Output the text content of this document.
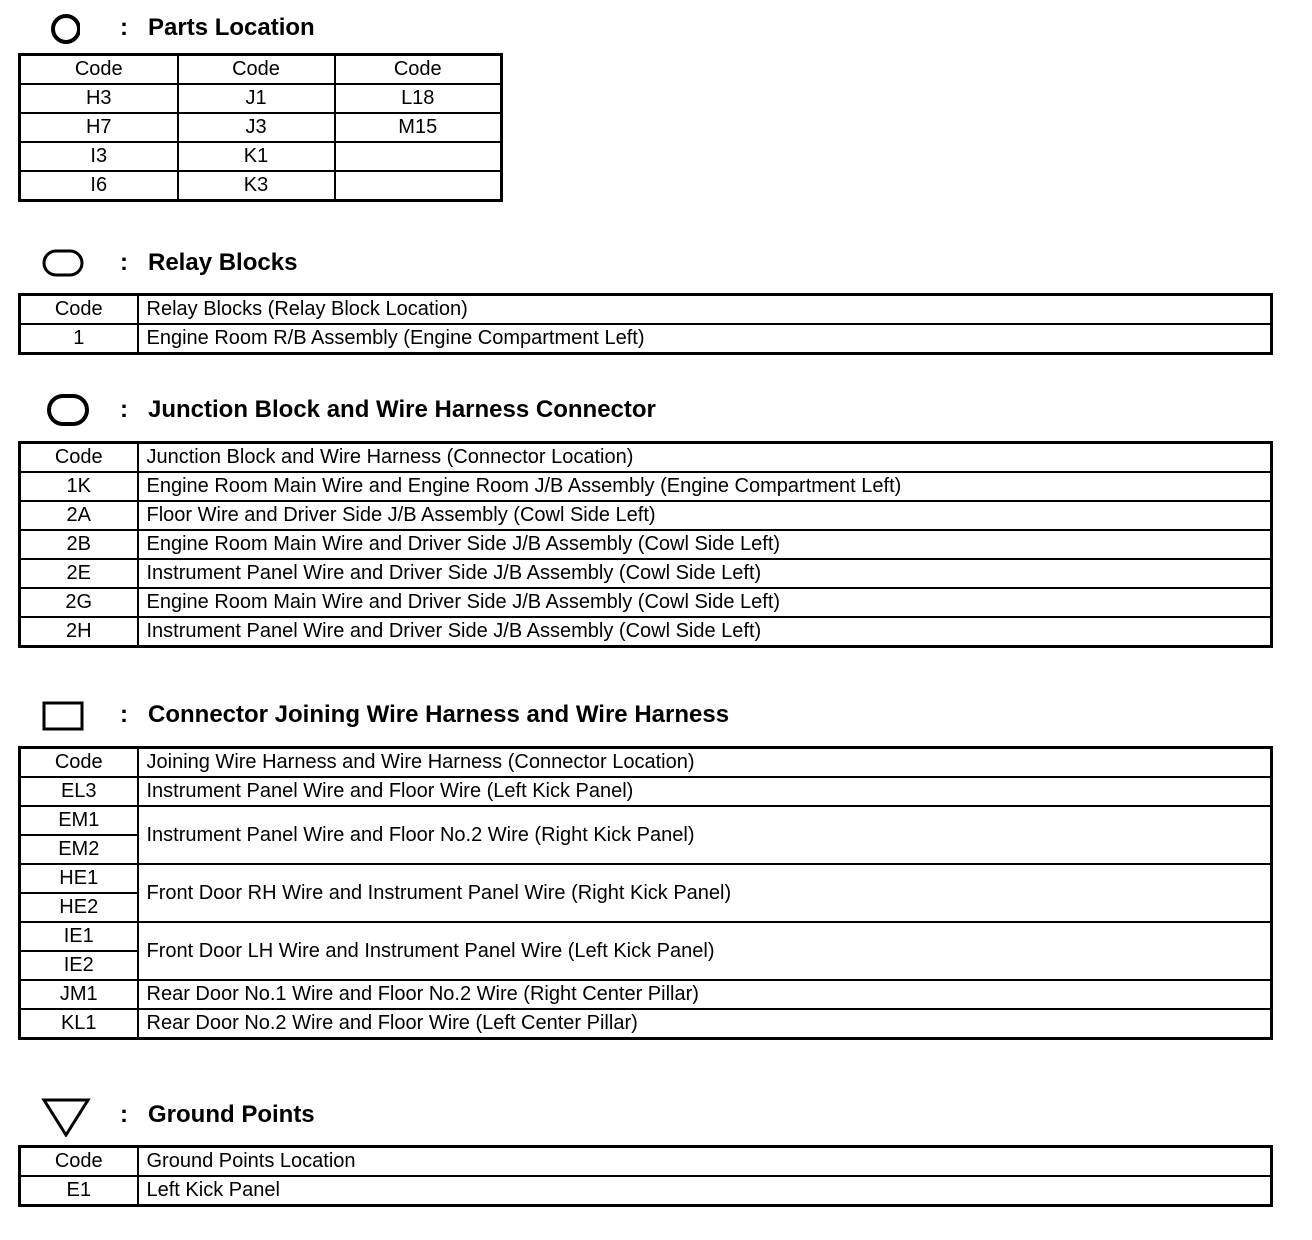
: Parts Location
Code	Code	Code
H3	J1	L18
H7	J3	M15
I3	K1	
I6	K3	
: Relay Blocks
Code	Relay Blocks (Relay Block Location)
1	Engine Room R/B Assembly (Engine Compartment Left)
: Junction Block and Wire Harness Connector
Code	Junction Block and Wire Harness (Connector Location)
1K	Engine Room Main Wire and Engine Room J/B Assembly (Engine Compartment Left)
2A	Floor Wire and Driver Side J/B Assembly (Cowl Side Left)
2B	Engine Room Main Wire and Driver Side J/B Assembly (Cowl Side Left)
2E	Instrument Panel Wire and Driver Side J/B Assembly (Cowl Side Left)
2G	Engine Room Main Wire and Driver Side J/B Assembly (Cowl Side Left)
2H	Instrument Panel Wire and Driver Side J/B Assembly (Cowl Side Left)
: Connector Joining Wire Harness and Wire Harness
Code	Joining Wire Harness and Wire Harness (Connector Location)
EL3	Instrument Panel Wire and Floor Wire (Left Kick Panel)
EM1	Instrument Panel Wire and Floor No.2 Wire (Right Kick Panel)
EM2	
HE1	Front Door RH Wire and Instrument Panel Wire (Right Kick Panel)
HE2	
IE1	Front Door LH Wire and Instrument Panel Wire (Left Kick Panel)
IE2	
JM1	Rear Door No.1 Wire and Floor No.2 Wire (Right Center Pillar)
KL1	Rear Door No.2 Wire and Floor Wire (Left Center Pillar)
: Ground Points
Code	Ground Points Location
E1	Left Kick Panel
